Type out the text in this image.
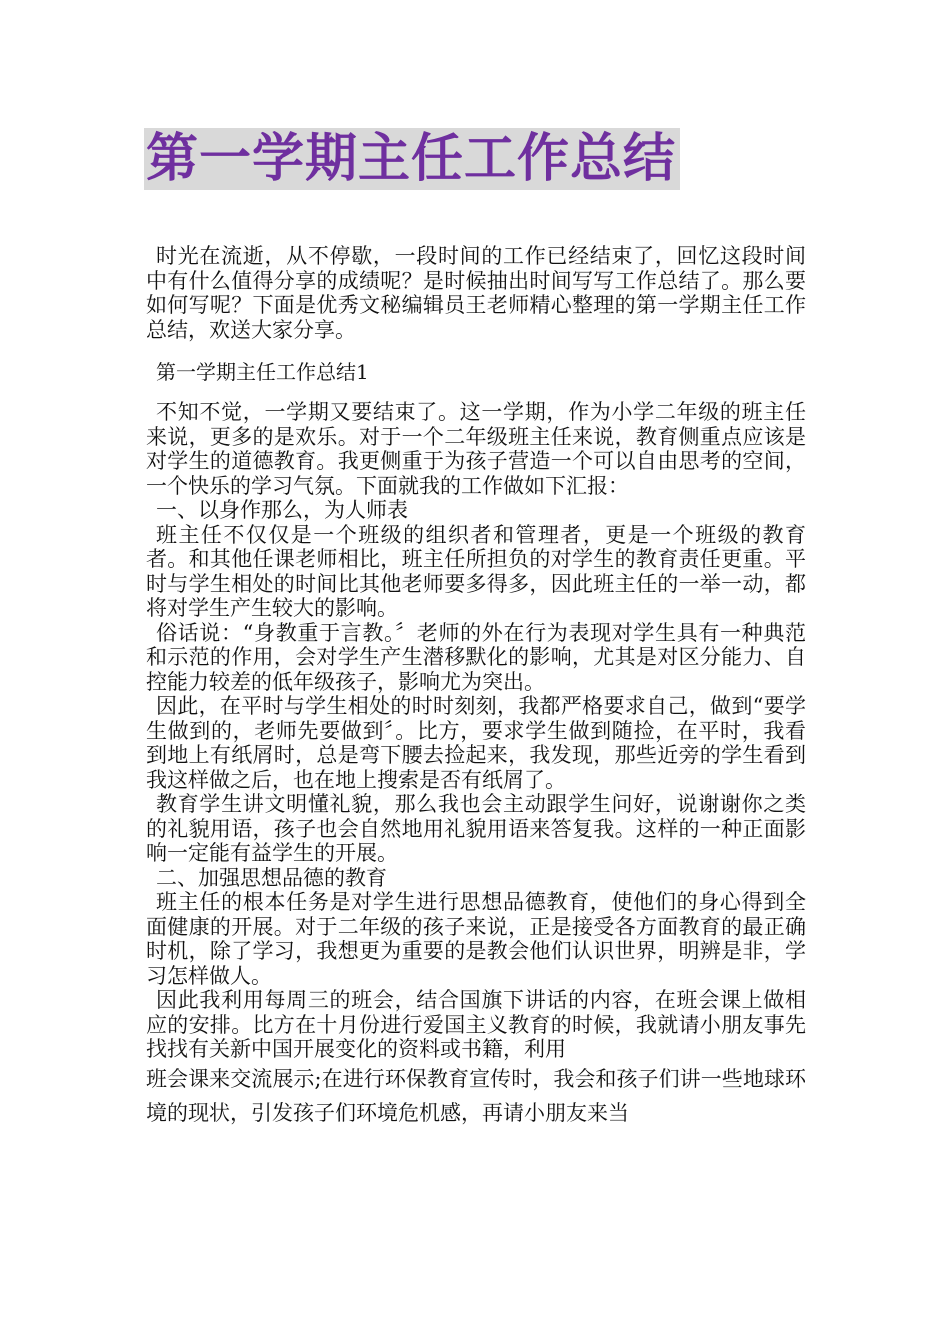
第一学期主任工作总结

时光在流逝，从不停歇，一段时间的工作已经结束了，回忆这段时间中有什么值得分享的成绩呢？是时候抽出时间写写工作总结了。那么要如何写呢？下面是优秀文秘编辑员王老师精心整理的第一学期主任工作总结，欢送大家分享。

第一学期主任工作总结1

不知不觉，一学期又要结束了。这一学期，作为小学二年级的班主任来说，更多的是欢乐。对于一个二年级班主任来说，教育侧重点应该是对学生的道德教育。我更侧重于为孩子营造一个可以自由思考的空间，一个快乐的学习气氛。下面就我的工作做如下汇报：

一、以身作那么，为人师表

班主任不仅仅是一个班级的组织者和管理者，更是一个班级的教育者。和其他任课老师相比，班主任所担负的对学生的教育责任更重。平时与学生相处的时间比其他老师要多得多，因此班主任的一举一动，都将对学生产生较大的影响。

俗话说：“身教重于言教。〞老师的外在行为表现对学生具有一种典范和示范的作用，会对学生产生潜移默化的影响，尤其是对区分能力、自控能力较差的低年级孩子，影响尤为突出。

因此，在平时与学生相处的时时刻刻，我都严格要求自己，做到“要学生做到的，老师先要做到〞。比方，要求学生做到随捡，在平时，我看到地上有纸屑时，总是弯下腰去捡起来，我发现，那些近旁的学生看到我这样做之后，也在地上搜索是否有纸屑了。

教育学生讲文明懂礼貌，那么我也会主动跟学生问好，说谢谢你之类的礼貌用语，孩子也会自然地用礼貌用语来答复我。这样的一种正面影响一定能有益学生的开展。

二、加强思想品德的教育

班主任的根本任务是对学生进行思想品德教育，使他们的身心得到全面健康的开展。对于二年级的孩子来说，正是接受各方面教育的最正确时机，除了学习，我想更为重要的是教会他们认识世界，明辨是非，学习怎样做人。

因此我利用每周三的班会，结合国旗下讲话的内容，在班会课上做相应的安排。比方在十月份进行爱国主义教育的时候，我就请小朋友事先找找有关新中国开展变化的资料或书籍，利用

班会课来交流展示;在进行环保教育宣传时，我会和孩子们讲一些地球环境的现状，引发孩子们环境危机感，再请小朋友来当
